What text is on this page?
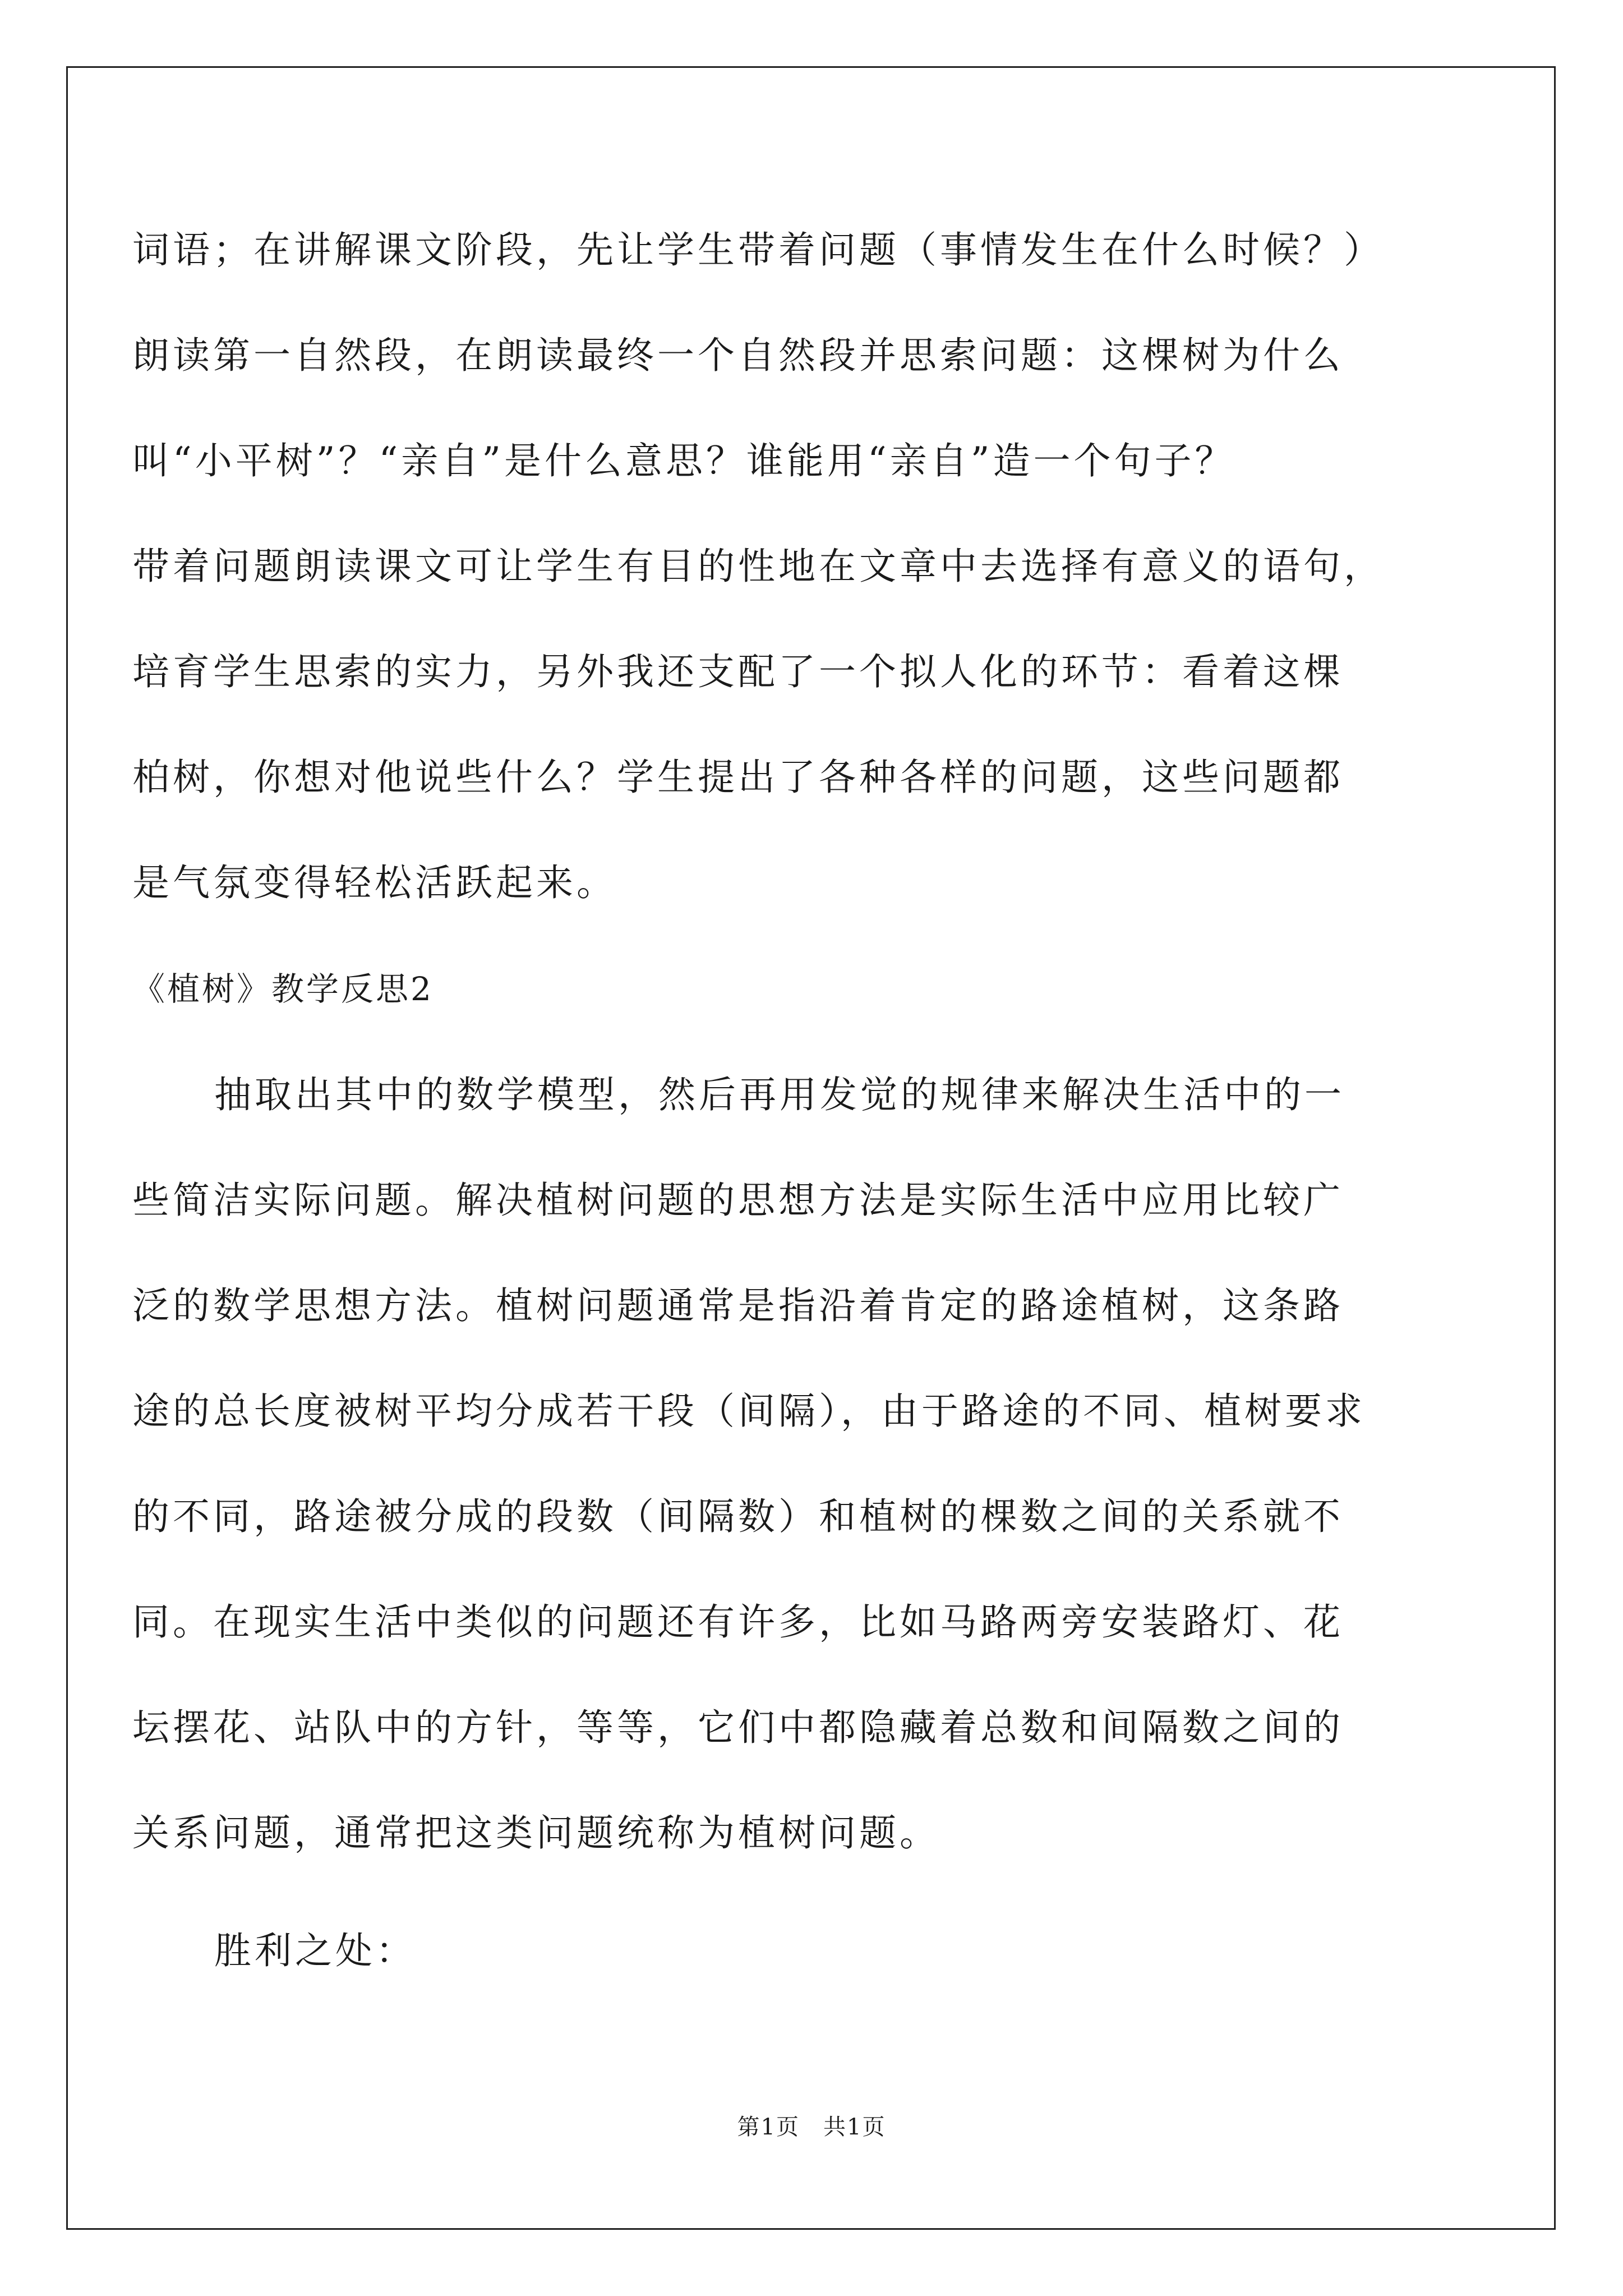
词语；在讲解课文阶段，先让学生带着问题（事情发生在什么时候？）
朗读第一自然段，在朗读最终一个自然段并思索问题：这棵树为什么
叫“小平树”？“亲自”是什么意思？谁能用“亲自”造一个句子？
带着问题朗读课文可让学生有目的性地在文章中去选择有意义的语句，
培育学生思索的实力，另外我还支配了一个拟人化的环节：看着这棵
柏树，你想对他说些什么？学生提出了各种各样的问题，这些问题都
是气氛变得轻松活跃起来。
《植树》教学反思2
抽取出其中的数学模型，然后再用发觉的规律来解决生活中的一
些简洁实际问题。解决植树问题的思想方法是实际生活中应用比较广
泛的数学思想方法。植树问题通常是指沿着肯定的路途植树，这条路
途的总长度被树平均分成若干段（间隔），由于路途的不同、植树要求
的不同，路途被分成的段数（间隔数）和植树的棵数之间的关系就不
同。在现实生活中类似的问题还有许多，比如马路两旁安装路灯、花
坛摆花、站队中的方针，等等，它们中都隐藏着总数和间隔数之间的
关系问题，通常把这类问题统称为植树问题。
胜利之处：
第1页　共1页
